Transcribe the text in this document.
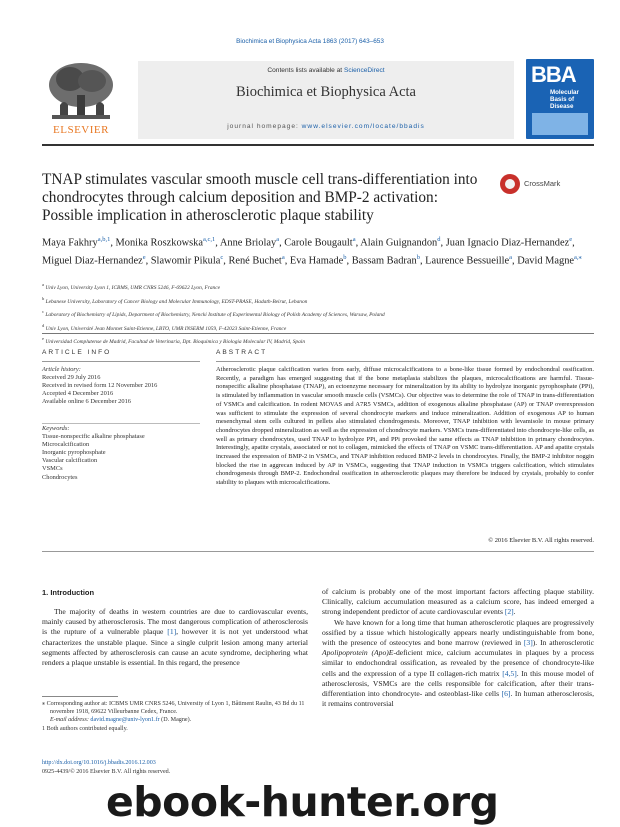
Biochimica et Biophysica Acta 1863 (2017) 643–653
Contents lists available at ScienceDirect
Biochimica et Biophysica Acta
journal homepage: www.elsevier.com/locate/bbadis
ELSEVIER
BBA
Molecular Basis of Disease
TNAP stimulates vascular smooth muscle cell trans-differentiation into chondrocytes through calcium deposition and BMP-2 activation: Possible implication in atherosclerotic plaque stability
CrossMark
Maya Fakhry$^{a,b,1}$, Monika Roszkowska$^{a,c,1}$, Anne Briolay$^a$, Carole Bougault$^a$, Alain Guignandon$^d$, Juan Ignacio Diaz-Hernandez$^e$, Miguel Diaz-Hernandez$^e$, Slawomir Pikula$^c$, René Buchet$^a$, Eva Hamade$^b$, Bassam Badran$^b$, Laurence Bessueille$^a$, David Magne$^{a,⁎}$
$^a$ Univ Lyon, University Lyon 1, ICBMS, UMR CNRS 5246, F-69622 Lyon, France
$^b$ Lebanese University, Laboratory of Cancer Biology and Molecular Immunology, EDST-PRASE, Hadath-Beirut, Lebanon
$^c$ Laboratory of Biochemistry of Lipids, Department of Biochemistry, Nencki Institute of Experimental Biology of Polish Academy of Sciences, Warsaw, Poland
$^d$ Univ Lyon, Université Jean Monnet Saint-Etienne, LBTO, UMR INSERM 1059, F-42023 Saint-Etienne, France
$^e$ Universidad Complutense de Madrid, Facultad de Veterinaria, Dpt. Bioquimica y Biologia Molecular IV, Madrid, Spain
ARTICLE INFO
Article history:
Received 29 July 2016
Received in revised form 12 November 2016
Accepted 4 December 2016
Available online 6 December 2016
Keywords:
Tissue-nonspecific alkaline phosphatase
Microcalcification
Inorganic pyrophosphate
Vascular calcification
VSMCs
Chondrocytes
ABSTRACT
Atherosclerotic plaque calcification varies from early, diffuse microcalcifications to a bone-like tissue formed by endochondral ossification. Recently, a paradigm has emerged suggesting that if the bone metaplasia stabilizes the plaques, microcalcifications are harmful. Tissue-nonspecific alkaline phosphatase (TNAP), an ectoenzyme necessary for mineralization by its ability to hydrolyze inorganic pyrophosphate (PPi), is stimulated by inflammation in vascular smooth muscle cells (VSMCs). Our objective was to determine the role of TNAP in trans-differentiation of VSMCs and calcification. In rodent MOVAS and A7R5 VSMCs, addition of exogenous alkaline phosphatase (AP) or TNAP overexpression was sufficient to stimulate the expression of several chondrocyte markers and induce mineralization. Addition of exogenous AP to human mesenchymal stem cells cultured in pellets also stimulated chondrogenesis. Moreover, TNAP inhibition with levamisole in mouse primary chondrocytes dropped mineralization as well as the expression of chondrocyte markers. VSMCs trans-differentiated into chondrocyte-like cells, as well as primary chondrocytes, used TNAP to hydrolyze PPi, and PPi provoked the same effects as TNAP inhibition in primary chondrocytes. Interestingly, apatite crystals, associated or not to collagen, mimicked the effects of TNAP on VSMC trans-differentiation. AP and apatite crystals increased the expression of BMP-2 in VSMCs, and TNAP inhibition reduced BMP-2 levels in chondrocytes. Finally, the BMP-2 inhibitor noggin blocked the rise in aggrecan induced by AP in VSMCs, suggesting that TNAP induction in VSMCs triggers calcification, which stimulates chondrogenesis through BMP-2. Endochondral ossification in atherosclerotic plaques may therefore be induced by crystals, probably to confer stability to plaques with microcalcifications.
© 2016 Elsevier B.V. All rights reserved.
1. Introduction

The majority of deaths in western countries are due to cardiovascular events, mainly caused by atherosclerosis. The most dangerous complication of atherosclerosis is the rupture of a vulnerable plaque [1], however it is not yet understood what characterizes the unstable plaque. Since a single culprit lesion among many arterial segments affected by atherosclerosis can cause an acute syndrome, deciphering what renders a plaque unstable is essential. In this regard, the presence

of calcium is probably one of the most important factors affecting plaque stability. Clinically, calcium accumulation measured as a calcium score, has indeed emerged a strong independent predictor of acute cardiovascular events [2].

We have known for a long time that human atherosclerotic plaques are progressively ossified by a tissue which histologically appears nearly undistinguishable from bone, with the presence of osteocytes and bone marrow (reviewed in [3]). In atherosclerotic Apolipoprotein (Apo)E-deficient mice, calcium accumulates in plaques by a process similar to endochondral ossification, as revealed by the presence of chondrocyte-like cells and the expression of a type II collagen-rich matrix [4,5]. In this mouse model of atherosclerosis, VSMCs are the cells responsible for calcification, after their trans-differentiation into chondrocyte- and osteoblast-like cells [6]. In human atherosclerosis, it remains controversial

⁎ Corresponding author at: ICBMS UMR CNRS 5246, University of Lyon 1, Bâtiment Raulin, 43 Bd du 11 novembre 1918, 69622 Villeurbanne Cedex, France.

E-mail address: david.magne@univ-lyon1.fr (D. Magne).

1 Both authors contributed equally.

http://dx.doi.org/10.1016/j.bbadis.2016.12.003
0925-4439/© 2016 Elsevier B.V. All rights reserved.
ebook-hunter.org
